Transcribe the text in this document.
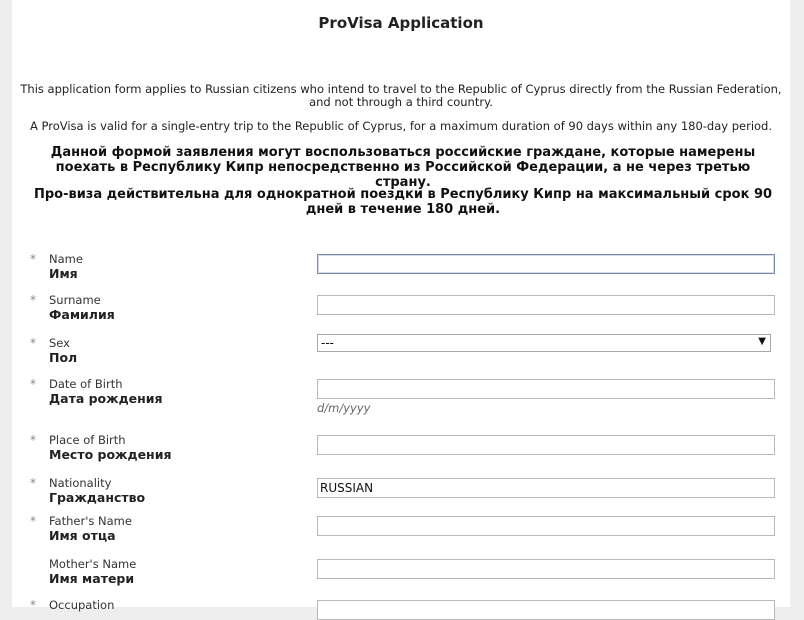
ProVisa Application
This application form applies to Russian citizens who intend to travel to the Republic of Cyprus directly from the Russian Federation, and not through a third country.
A ProVisa is valid for a single-entry trip to the Republic of Cyprus, for a maximum duration of 90 days within any 180-day period.
Данной формой заявления могут воспользоваться российские граждане, которые намерены поехать в Республику Кипр непосредственно из Российской Федерации, а не через третью страну.
Про-виза действительна для однократной поездки в Республику Кипр на максимальный срок 90 дней в течение 180 дней.
* Name
Имя
* Surname
Фамилия
* Sex
Пол
---	▼
* Date of Birth
Дата рождения
d/m/yyyy
* Place of Birth
Место рождения
* Nationality
Гражданство
RUSSIAN
* Father's Name
Имя отца
Mother's Name
Имя матери
* Occupation
